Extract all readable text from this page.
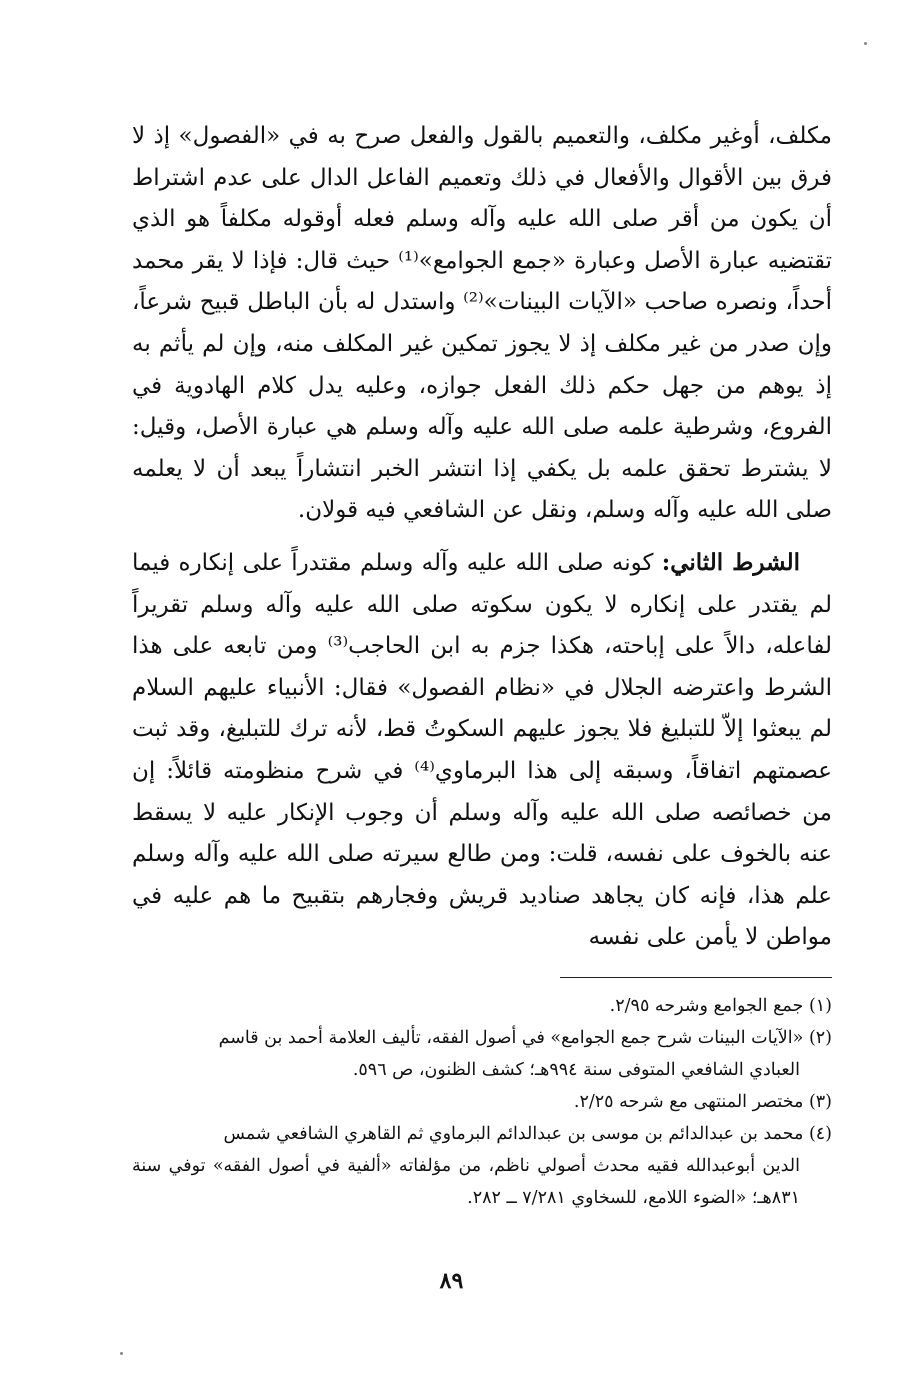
مكلف، أوغير مكلف، والتعميم بالقول والفعل صرح به في «الفصول» إذ لا فرق بين الأقوال والأفعال في ذلك وتعميم الفاعل الدال على عدم اشتراط أن يكون من أقر صلى الله عليه وآله وسلم فعله أوقوله مكلفاً هو الذي تقتضيه عبارة الأصل وعبارة «جمع الجوامع»⁽¹⁾ حيث قال: فإذا لا يقر محمد أحداً، ونصره صاحب «الآيات البينات»⁽²⁾ واستدل له بأن الباطل قبيح شرعاً، وإن صدر من غير مكلف إذ لا يجوز تمكين غير المكلف منه، وإن لم يأثم به إذ يوهم من جهل حكم ذلك الفعل جوازه، وعليه يدل كلام الهادوية في الفروع، وشرطية علمه صلى الله عليه وآله وسلم هي عبارة الأصل، وقيل: لا يشترط تحقق علمه بل يكفي إذا انتشر الخبر انتشاراً يبعد أن لا يعلمه صلى الله عليه وآله وسلم، ونقل عن الشافعي فيه قولان.

الشرط الثاني: كونه صلى الله عليه وآله وسلم مقتدراً على إنكاره فيما لم يقتدر على إنكاره لا يكون سكوته صلى الله عليه وآله وسلم تقريراً لفاعله، دالاً على إباحته، هكذا جزم به ابن الحاجب⁽³⁾ ومن تابعه على هذا الشرط واعترضه الجلال في «نظام الفصول» فقال: الأنبياء عليهم السلام لم يبعثوا إلاّ للتبليغ فلا يجوز عليهم السكوتُ قط، لأنه ترك للتبليغ، وقد ثبت عصمتهم اتفاقاً، وسبقه إلى هذا البرماوي⁽⁴⁾ في شرح منظومته قائلاً: إن من خصائصه صلى الله عليه وآله وسلم أن وجوب الإنكار عليه لا يسقط عنه بالخوف على نفسه، قلت: ومن طالع سيرته صلى الله عليه وآله وسلم علم هذا، فإنه كان يجاهد صناديد قريش وفجارهم بتقبيح ما هم عليه في مواطن لا يأمن على نفسه

(١) جمع الجوامع وشرحه ٢/٩٥.

(٢) «الآيات البينات شرح جمع الجوامع» في أصول الفقه، تأليف العلامة أحمد بن قاسم

العبادي الشافعي المتوفى سنة ٩٩٤هـ؛ كشف الظنون، ص ٥٩٦.

(٣) مختصر المنتهى مع شرحه ٢/٢٥.

(٤) محمد بن عبدالدائم بن موسى بن عبدالدائم البرماوي ثم القاهري الشافعي شمس

الدين أبوعبدالله فقيه محدث أصولي ناظم، من مؤلفاته «ألفية في أصول الفقه» توفي سنة ٨٣١هـ؛ «الضوء اللامع، للسخاوي ٧/٢٨١ ــ ٢٨٢.

٨٩
